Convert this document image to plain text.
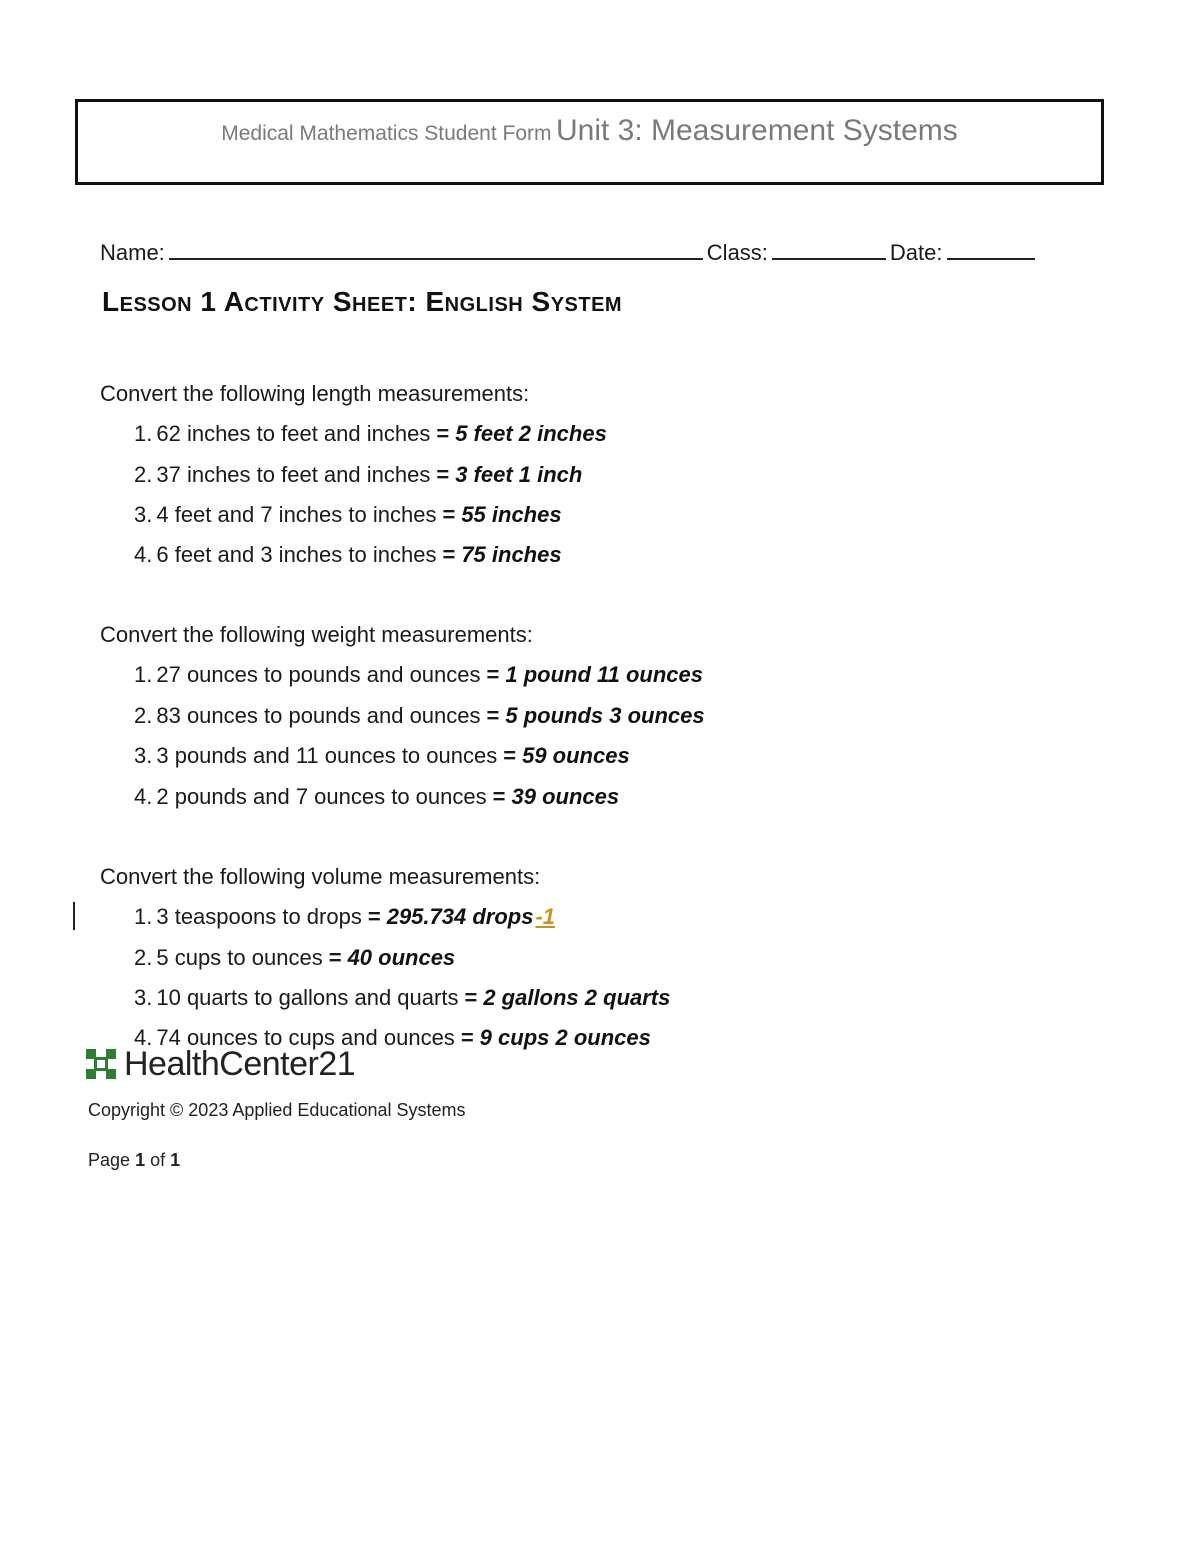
Medical Mathematics Student Form Unit 3: Measurement Systems
Name:	Class:	Date:
Lesson 1 Activity Sheet: English System
Convert the following length measurements:
1. 62 inches to feet and inches = 5 feet 2 inches
2. 37 inches to feet and inches = 3 feet 1 inch
3. 4 feet and 7 inches to inches = 55 inches
4. 6 feet and 3 inches to inches = 75 inches
Convert the following weight measurements:
1. 27 ounces to pounds and ounces = 1 pound 11 ounces
2. 83 ounces to pounds and ounces = 5 pounds 3 ounces
3. 3 pounds and 11 ounces to ounces = 59 ounces
4. 2 pounds and 7 ounces to ounces = 39 ounces
Convert the following volume measurements:
1. 3 teaspoons to drops = 295.734 drops-1
2. 5 cups to ounces = 40 ounces
3. 10 quarts to gallons and quarts = 2 gallons 2 quarts
4. 74 ounces to cups and ounces = 9 cups 2 ounces
HealthCenter21
Copyright © 2023 Applied Educational Systems
Page 1 of 1
